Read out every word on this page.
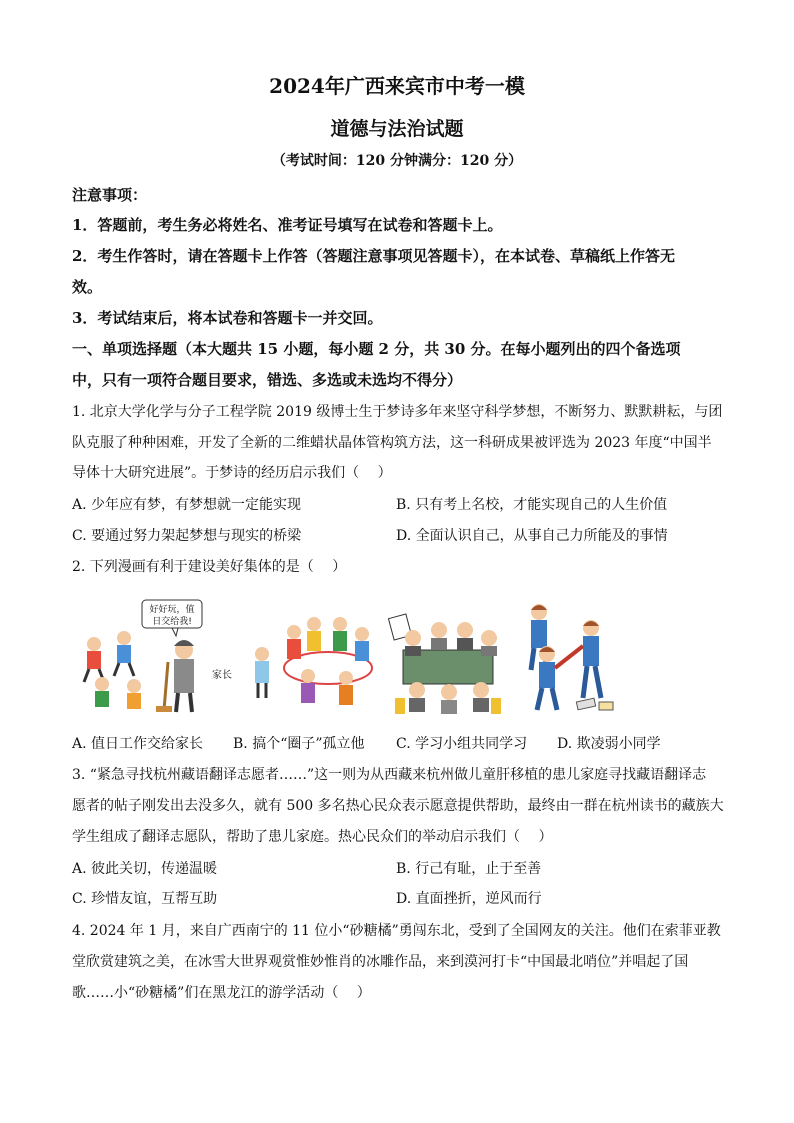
2024年广西来宾市中考一模
道德与法治试题
（考试时间：120 分钟满分：120 分）
注意事项：
1．答题前，考生务必将姓名、准考证号填写在试卷和答题卡上。
2．考生作答时，请在答题卡上作答（答题注意事项见答题卡），在本试卷、草稿纸上作答无
效。
3．考试结束后，将本试卷和答题卡一并交回。
一、单项选择题（本大题共 15 小题，每小题 2 分，共 30 分。在每小题列出的四个备选项
中，只有一项符合题目要求，错选、多选或未选均不得分）
1. 北京大学化学与分子工程学院 2019 级博士生于梦诗多年来坚守科学梦想，不断努力、默默耕耘，与团
队克服了种种困难，开发了全新的二维蜡状晶体管构筑方法，这一科研成果被评选为 2023 年度“中国半
导体十大研究进展”。于梦诗的经历启示我们（　 ）
A. 少年应有梦，有梦想就一定能实现	B. 只有考上名校，才能实现自己的人生价值
C. 要通过努力架起梦想与现实的桥梁	D. 全面认识自己，从事自己力所能及的事情
2. 下列漫画有利于建设美好集体的是（　 ）
好好玩，值
日交给我!
家长
A. 值日工作交给家长 B. 搞个“圈子”孤立他 C. 学习小组共同学习 D. 欺凌弱小同学
3. “紧急寻找杭州藏语翻译志愿者……”这一则为从西藏来杭州做儿童肝移植的患儿家庭寻找藏语翻译志
愿者的帖子刚发出去没多久，就有 500 多名热心民众表示愿意提供帮助，最终由一群在杭州读书的藏族大
学生组成了翻译志愿队，帮助了患儿家庭。热心民众们的举动启示我们（　 ）
A. 彼此关切，传递温暖	B. 行己有耻，止于至善
C. 珍惜友谊，互帮互助	D. 直面挫折，逆风而行
4. 2024 年 1 月，来自广西南宁的 11 位小“砂糖橘”勇闯东北，受到了全国网友的关注。他们在索菲亚教
堂欣赏建筑之美，在冰雪大世界观赏惟妙惟肖的冰雕作品，来到漠河打卡“中国最北哨位”并唱起了国
歌……小“砂糖橘”们在黑龙江的游学活动（　 ）
